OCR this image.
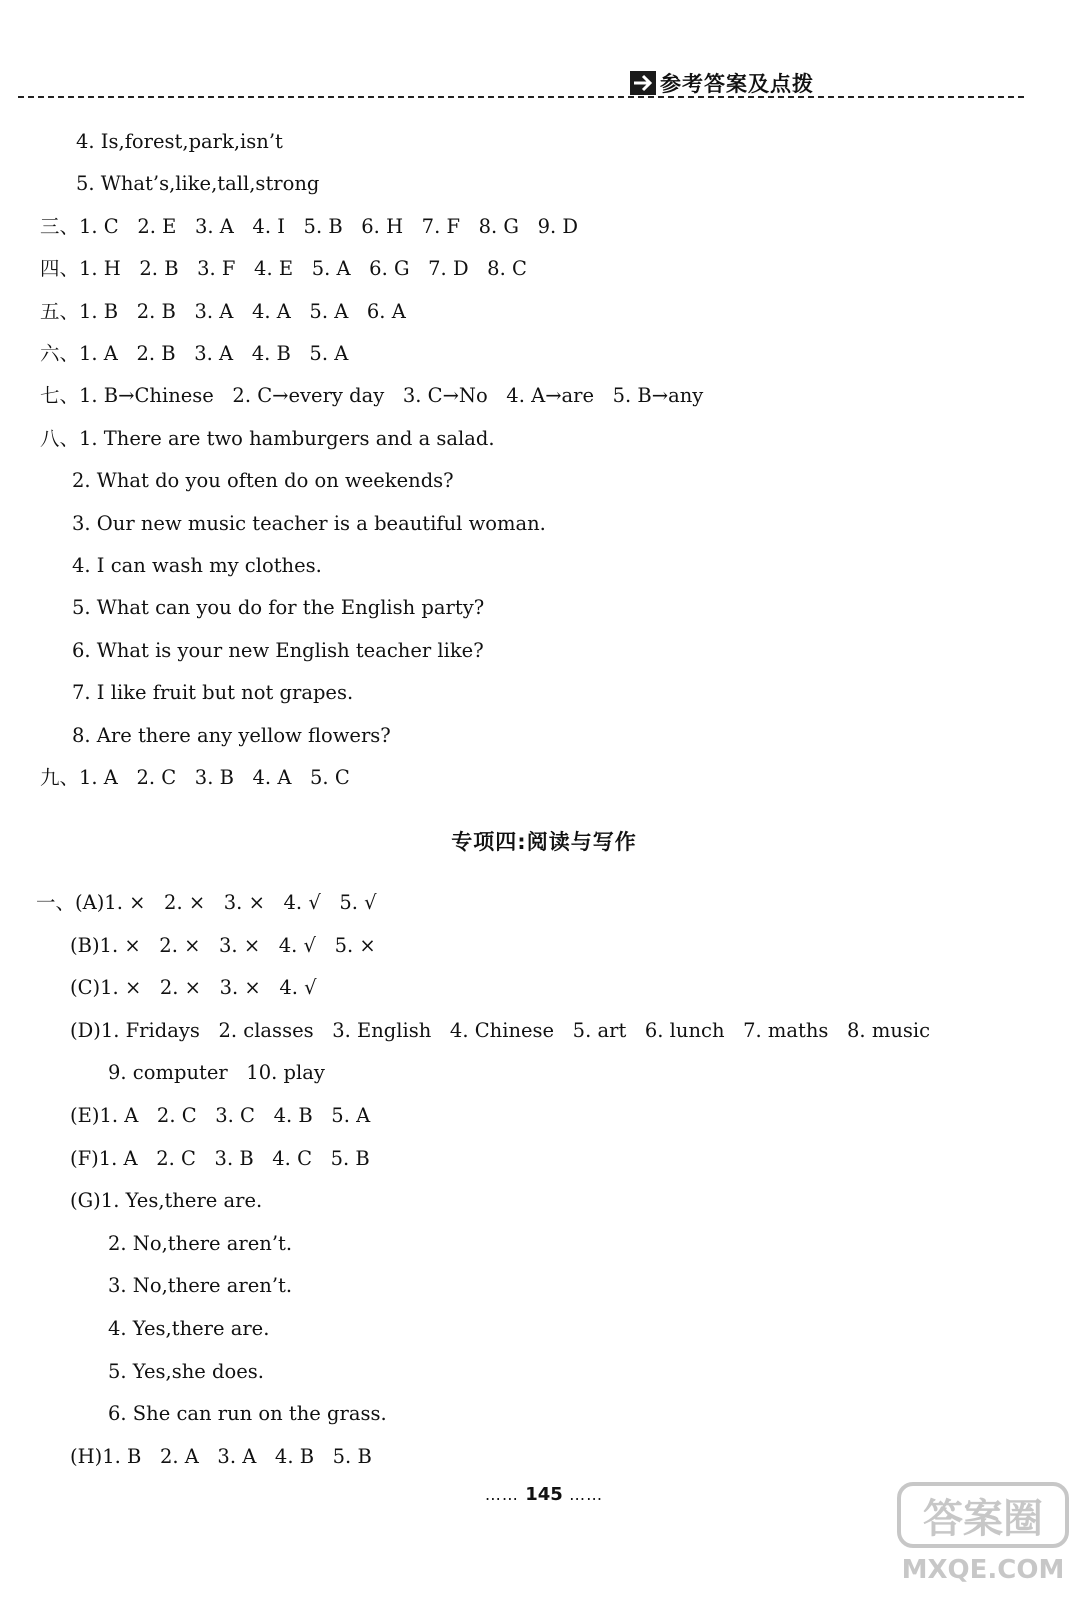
参考答案及点拨
4. Is,forest,park,isn’t
5. What’s,like,tall,strong
三、1. C   2. E   3. A   4. I   5. B   6. H   7. F   8. G   9. D
四、1. H   2. B   3. F   4. E   5. A   6. G   7. D   8. C
五、1. B   2. B   3. A   4. A   5. A   6. A
六、1. A   2. B   3. A   4. B   5. A
七、1. B→Chinese   2. C→every day   3. C→No   4. A→are   5. B→any
八、1. There are two hamburgers and a salad.
2. What do you often do on weekends?
3. Our new music teacher is a beautiful woman.
4. I can wash my clothes.
5. What can you do for the English party?
6. What is your new English teacher like?
7. I like fruit but not grapes.
8. Are there any yellow flowers?
九、1. A   2. C   3. B   4. A   5. C
专项四:阅读与写作
一、(A)1. ×   2. ×   3. ×   4. √   5. √
(B)1. ×   2. ×   3. ×   4. √   5. ×
(C)1. ×   2. ×   3. ×   4. √
(D)1. Fridays   2. classes   3. English   4. Chinese   5. art   6. lunch   7. maths   8. music
9. computer   10. play
(E)1. A   2. C   3. C   4. B   5. A
(F)1. A   2. C   3. B   4. C   5. B
(G)1. Yes,there are.
2. No,there aren’t.
3. No,there aren’t.
4. Yes,there are.
5. Yes,she does.
6. She can run on the grass.
(H)1. B   2. A   3. A   4. B   5. B
…… 145 ……
答案圈
MXQE.COM
